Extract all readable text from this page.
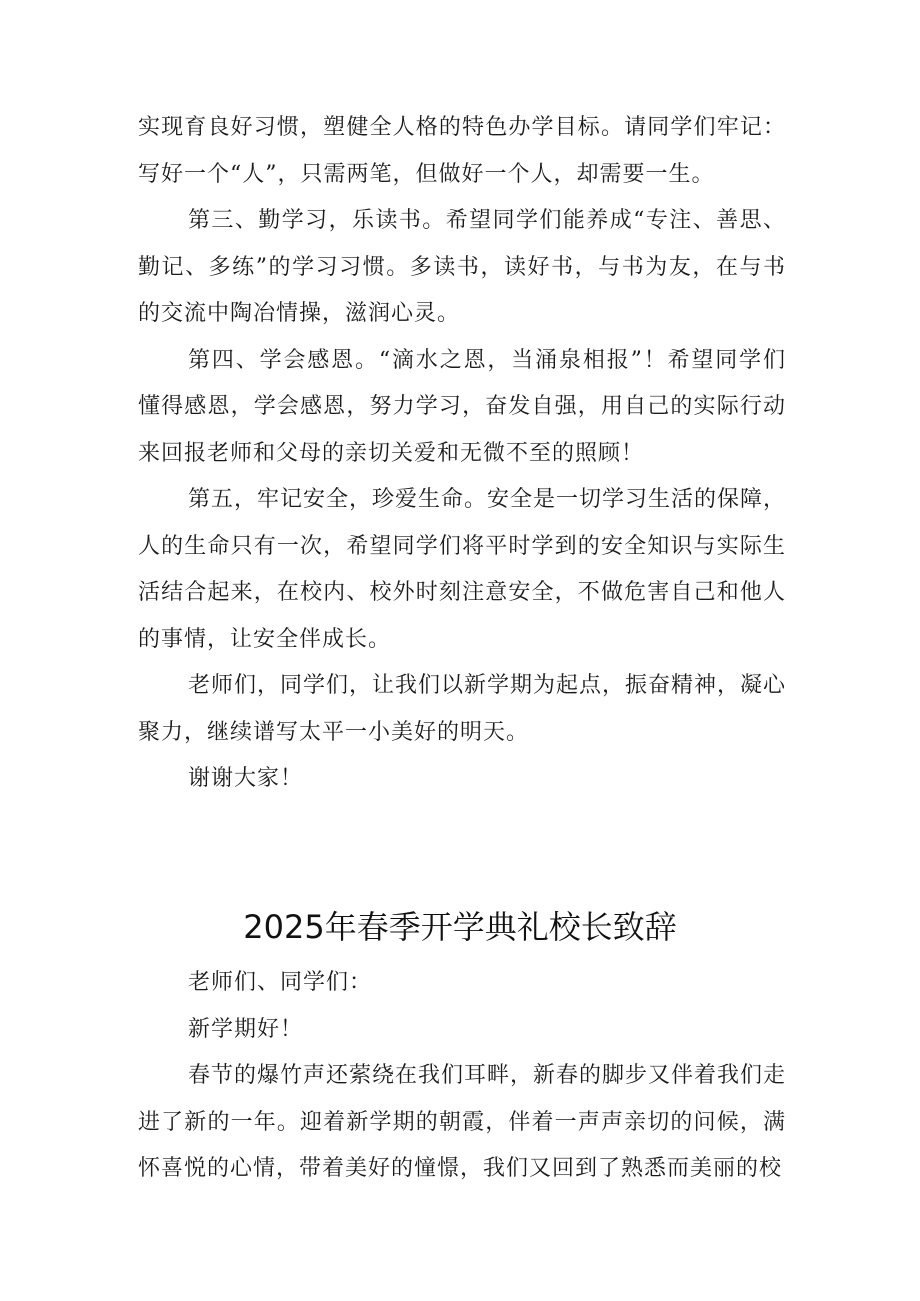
实现育良好习惯，塑健全人格的特色办学目标。请同学们牢记：写好一个“人”，只需两笔，但做好一个人，却需要一生。

第三、勤学习，乐读书。希望同学们能养成“专注、善思、勤记、多练”的学习习惯。多读书，读好书，与书为友，在与书的交流中陶冶情操，滋润心灵。

第四、学会感恩。“滴水之恩，当涌泉相报”！希望同学们懂得感恩，学会感恩，努力学习，奋发自强，用自己的实际行动来回报老师和父母的亲切关爱和无微不至的照顾！

第五，牢记安全，珍爱生命。安全是一切学习生活的保障，人的生命只有一次，希望同学们将平时学到的安全知识与实际生活结合起来，在校内、校外时刻注意安全，不做危害自己和他人的事情，让安全伴成长。

老师们，同学们，让我们以新学期为起点，振奋精神，凝心聚力，继续谱写太平一小美好的明天。

谢谢大家！

2025年春季开学典礼校长致辞

老师们、同学们：

新学期好！

春节的爆竹声还萦绕在我们耳畔，新春的脚步又伴着我们走进了新的一年。迎着新学期的朝霞，伴着一声声亲切的问候，满怀喜悦的心情，带着美好的憧憬，我们又回到了熟悉而美丽的校
